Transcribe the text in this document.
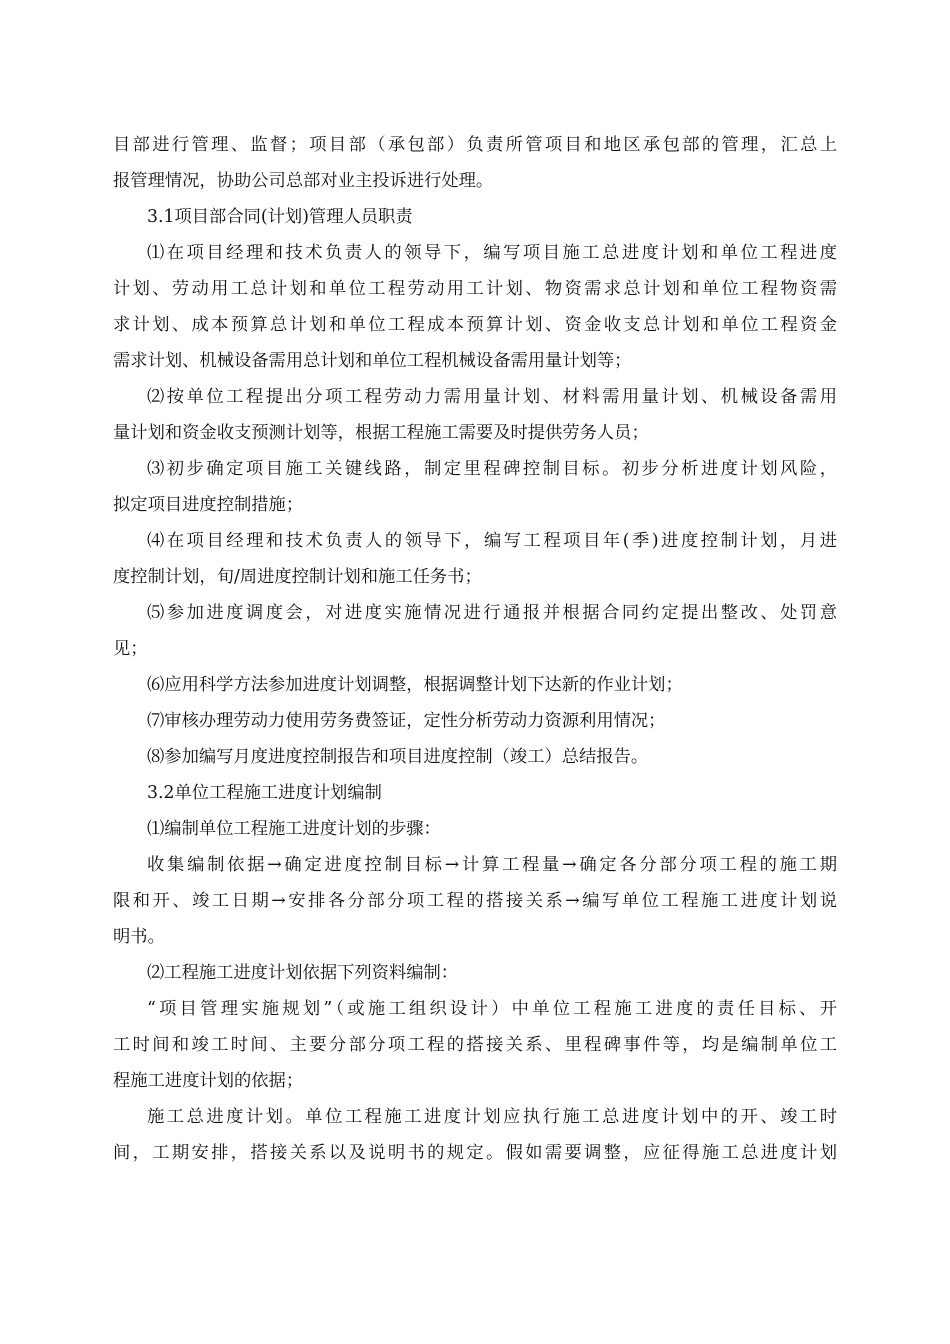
目部进行管理、监督；项目部（承包部）负责所管项目和地区承包部的管理，汇总上
报管理情况，协助公司总部对业主投诉进行处理。
3.1项目部合同(计划)管理人员职责
⑴在项目经理和技术负责人的领导下，编写项目施工总进度计划和单位工程进度
计划、劳动用工总计划和单位工程劳动用工计划、物资需求总计划和单位工程物资需
求计划、成本预算总计划和单位工程成本预算计划、资金收支总计划和单位工程资金
需求计划、机械设备需用总计划和单位工程机械设备需用量计划等；
⑵按单位工程提出分项工程劳动力需用量计划、材料需用量计划、机械设备需用
量计划和资金收支预测计划等，根据工程施工需要及时提供劳务人员；
⑶初步确定项目施工关键线路，制定里程碑控制目标。初步分析进度计划风险，
拟定项目进度控制措施；
⑷在项目经理和技术负责人的领导下，编写工程项目年(季)进度控制计划，月进
度控制计划，旬/周进度控制计划和施工任务书；
⑸参加进度调度会，对进度实施情况进行通报并根据合同约定提出整改、处罚意
见；
⑹应用科学方法参加进度计划调整，根据调整计划下达新的作业计划；
⑺审核办理劳动力使用劳务费签证，定性分析劳动力资源利用情况；
⑻参加编写月度进度控制报告和项目进度控制（竣工）总结报告。
3.2单位工程施工进度计划编制
⑴编制单位工程施工进度计划的步骤：
收集编制依据→确定进度控制目标→计算工程量→确定各分部分项工程的施工期
限和开、竣工日期→安排各分部分项工程的搭接关系→编写单位工程施工进度计划说
明书。
⑵工程施工进度计划依据下列资料编制：
“项目管理实施规划”（或施工组织设计）中单位工程施工进度的责任目标、开
工时间和竣工时间、主要分部分项工程的搭接关系、里程碑事件等，均是编制单位工
程施工进度计划的依据；
施工总进度计划。单位工程施工进度计划应执行施工总进度计划中的开、竣工时
间，工期安排，搭接关系以及说明书的规定。假如需要调整，应征得施工总进度计划
